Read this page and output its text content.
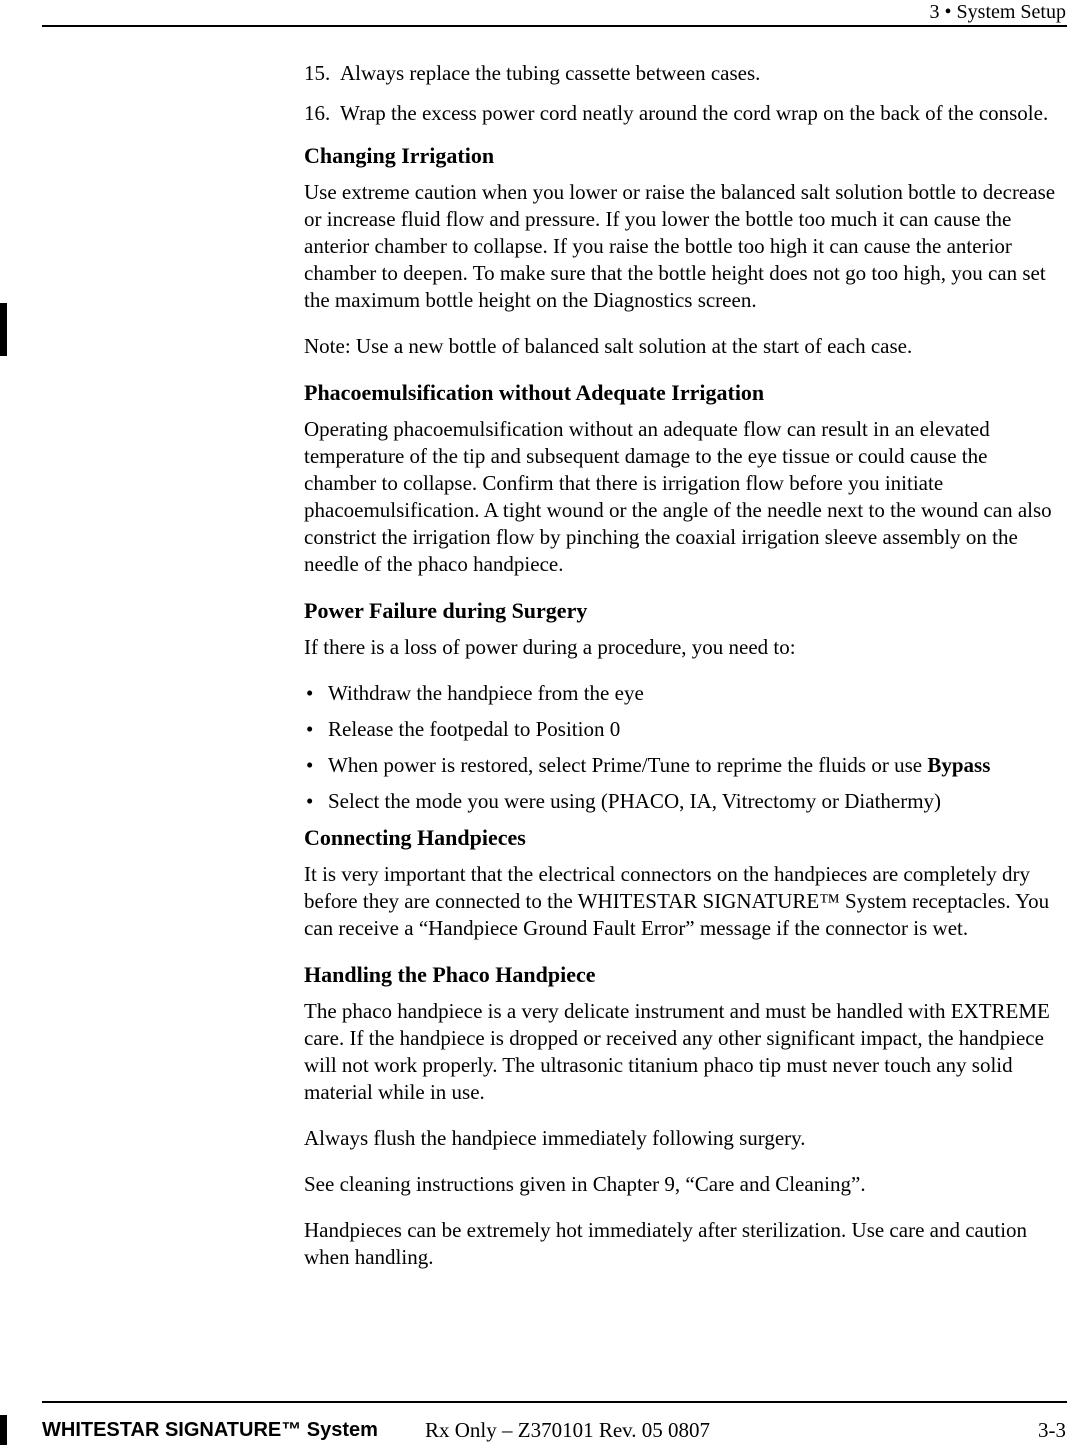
3 • System Setup
15. Always replace the tubing cassette between cases.
16. Wrap the excess power cord neatly around the cord wrap on the back of the console.
Changing Irrigation

Use extreme caution when you lower or raise the balanced salt solution bottle to decrease or increase fluid flow and pressure. If you lower the bottle too much it can cause the anterior chamber to collapse. If you raise the bottle too high it can cause the anterior chamber to deepen. To make sure that the bottle height does not go too high, you can set the maximum bottle height on the Diagnostics screen.

Note: Use a new bottle of balanced salt solution at the start of each case.

Phacoemulsification without Adequate Irrigation

Operating phacoemulsification without an adequate flow can result in an elevated temperature of the tip and subsequent damage to the eye tissue or could cause the chamber to collapse. Confirm that there is irrigation flow before you initiate phacoemulsification. A tight wound or the angle of the needle next to the wound can also constrict the irrigation flow by pinching the coaxial irrigation sleeve assembly on the needle of the phaco handpiece.

Power Failure during Surgery

If there is a loss of power during a procedure, you need to:

• Withdraw the handpiece from the eye
• Release the footpedal to Position 0
• When power is restored, select Prime/Tune to reprime the fluids or use Bypass
• Select the mode you were using (PHACO, IA, Vitrectomy or Diathermy)
Connecting Handpieces

It is very important that the electrical connectors on the handpieces are completely dry before they are connected to the WHITESTAR SIGNATURE™ System receptacles. You can receive a “Handpiece Ground Fault Error” message if the connector is wet.

Handling the Phaco Handpiece

The phaco handpiece is a very delicate instrument and must be handled with EXTREME care. If the handpiece is dropped or received any other significant impact, the handpiece will not work properly. The ultrasonic titanium phaco tip must never touch any solid material while in use.

Always flush the handpiece immediately following surgery.

See cleaning instructions given in Chapter 9, “Care and Cleaning”.

Handpieces can be extremely hot immediately after sterilization. Use care and caution when handling.

WHITESTAR SIGNATURE™ System Rx Only – Z370101 Rev. 05 0807	3-3
